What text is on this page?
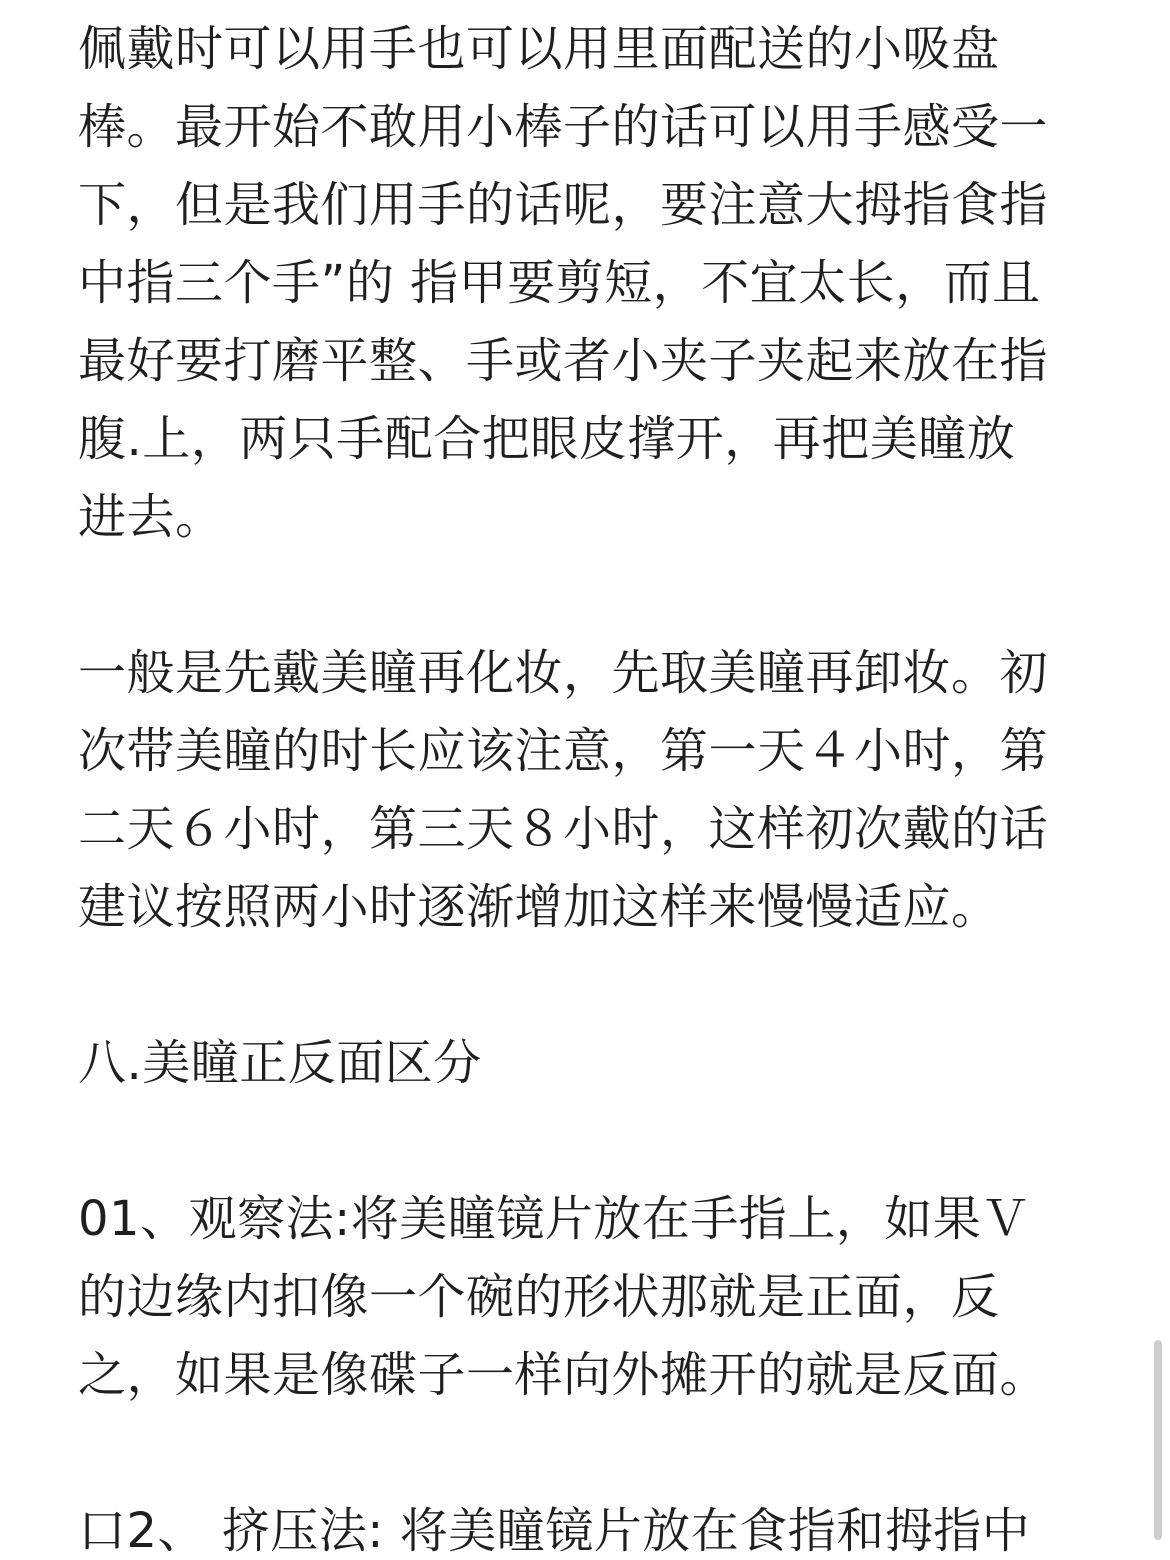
佩戴时可以用手也可以用里面配送的小吸盘
棒。最开始不敢用小棒子的话可以用手感受一
下，但是我们用手的话呢，要注意大拇指食指
中指三个手”的 指甲要剪短，不宜太长，而且
最好要打磨平整、手或者小夹子夹起来放在指
腹.上，两只手配合把眼皮撑开，再把美瞳放
进去。
一般是先戴美瞳再化妆，先取美瞳再卸妆。初
次带美瞳的时长应该注意，第一天４小时，第
二天６小时，第三天８小时，这样初次戴的话
建议按照两小时逐渐增加这样来慢慢适应。
八.美瞳正反面区分
01、观察法:将美瞳镜片放在手指上，如果Ｖ
的边缘内扣像一个碗的形状那就是正面，反
之，如果是像碟子一样向外摊开的就是反面。
口2、 挤压法: 将美瞳镜片放在食指和拇指中
